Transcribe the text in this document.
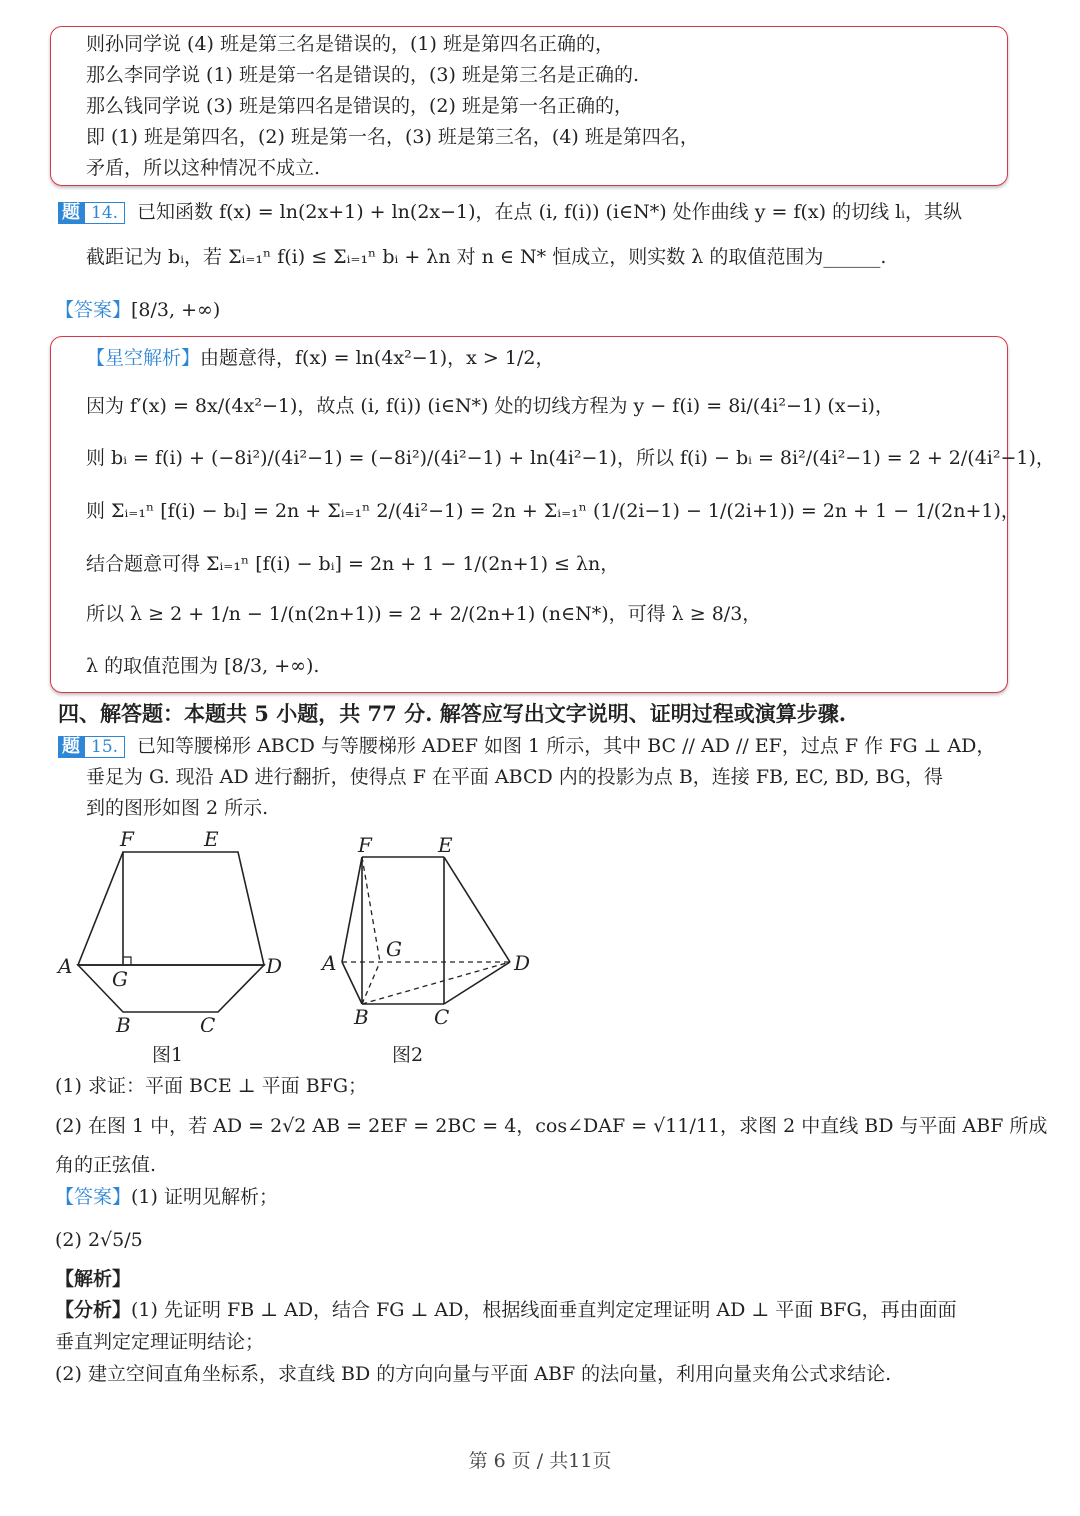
则孙同学说 (4) 班是第三名是错误的，(1) 班是第四名正确的，
那么李同学说 (1) 班是第一名是错误的，(3) 班是第三名是正确的.
那么钱同学说 (3) 班是第四名是错误的，(2) 班是第一名正确的，
即 (1) 班是第四名，(2) 班是第一名，(3) 班是第三名，(4) 班是第四名，
矛盾，所以这种情况不成立.
题 14. 已知函数 f(x) = ln(2x+1) + ln(2x−1)，在点 (i, f(i)) (i∈N*) 处作曲线 y = f(x) 的切线 lᵢ，其纵
截距记为 bᵢ，若 Σᵢ₌₁ⁿ f(i) ≤ Σᵢ₌₁ⁿ bᵢ + λn 对 n ∈ N* 恒成立，则实数 λ 的取值范围为______.
【答案】[8/3, +∞)
【星空解析】由题意得，f(x) = ln(4x²−1)，x > 1/2，
因为 f′(x) = 8x/(4x²−1)，故点 (i, f(i)) (i∈N*) 处的切线方程为 y − f(i) = 8i/(4i²−1) (x−i)，
则 bᵢ = f(i) + (−8i²)/(4i²−1) = (−8i²)/(4i²−1) + ln(4i²−1)，所以 f(i) − bᵢ = 8i²/(4i²−1) = 2 + 2/(4i²−1)，
则 Σᵢ₌₁ⁿ [f(i) − bᵢ] = 2n + Σᵢ₌₁ⁿ 2/(4i²−1) = 2n + Σᵢ₌₁ⁿ (1/(2i−1) − 1/(2i+1)) = 2n + 1 − 1/(2n+1)，
结合题意可得 Σᵢ₌₁ⁿ [f(i) − bᵢ] = 2n + 1 − 1/(2n+1) ≤ λn，
所以 λ ≥ 2 + 1/n − 1/(n(2n+1)) = 2 + 2/(2n+1) (n∈N*)，可得 λ ≥ 8/3，
λ 的取值范围为 [8/3, +∞).
四、解答题：本题共 5 小题，共 77 分. 解答应写出文字说明、证明过程或演算步骤.
题 15. 已知等腰梯形 ABCD 与等腰梯形 ADEF 如图 1 所示，其中 BC // AD // EF，过点 F 作 FG ⊥ AD，
垂足为 G. 现沿 AD 进行翻折，使得点 F 在平面 ABCD 内的投影为点 B，连接 FB, EC, BD, BG，得
到的图形如图 2 所示.
F	E
A
G
D
B	C
图1
F	E
A
G
D
B	C
图2
(1) 求证：平面 BCE ⊥ 平面 BFG；
(2) 在图 1 中，若 AD = 2√2 AB = 2EF = 2BC = 4，cos∠DAF = √11/11，求图 2 中直线 BD 与平面 ABF 所成
角的正弦值.
【答案】(1) 证明见解析；
(2) 2√5/5
【解析】
【分析】(1) 先证明 FB ⊥ AD，结合 FG ⊥ AD，根据线面垂直判定定理证明 AD ⊥ 平面 BFG，再由面面
垂直判定定理证明结论；
(2) 建立空间直角坐标系，求直线 BD 的方向向量与平面 ABF 的法向量，利用向量夹角公式求结论.
第 6 页 / 共11页
